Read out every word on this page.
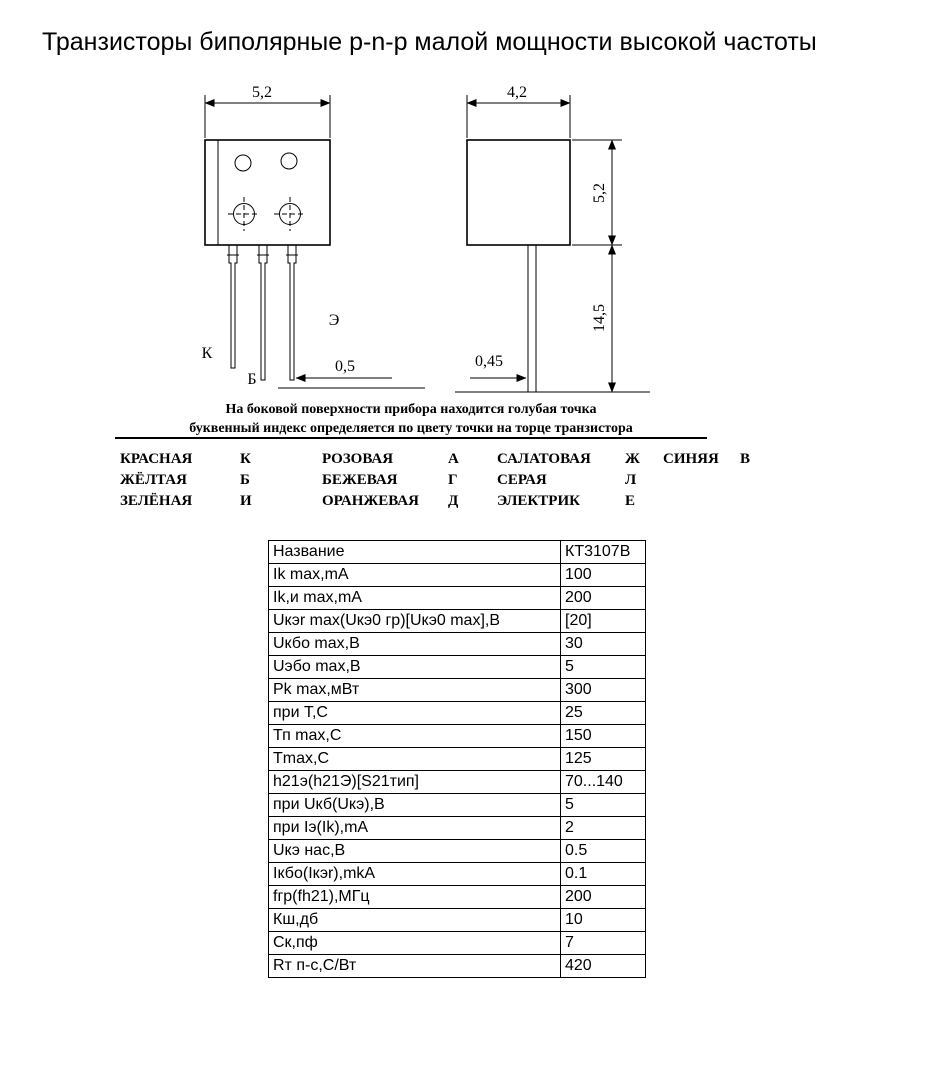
Транзисторы биполярные p-n-p малой мощности высокой частоты
5,2
0,5
К
Б
Э
4,2
5,2
14,5
0,45
На боковой поверхности прибора находится голубая точка
буквенный индекс определяется по цвету точки на торце транзистора
КРАСНАЯ	К	РОЗОВАЯ	А	САЛАТОВАЯ	Ж	СИНЯЯ	В
ЖЁЛТАЯ	Б	БЕЖЕВАЯ	Г	СЕРАЯ	Л
ЗЕЛЁНАЯ	И	ОРАНЖЕВАЯ	Д	ЭЛЕКТРИК	Е
Название	КТ3107В
Ik max,mA	100
Ik,и max,mA	200
Uкэr max(Uкэ0 гр)[Uкэ0 max],В	[20]
Uкбо max,В	30
Uэбо max,В	5
Pk max,мВт	300
при Т,С	25
Тп max,С	150
Tmax,С	125
h21э(h21Э)[S21тип]	70...140
при Uкб(Uкэ),В	5
при Iэ(Ik),mA	2
Uкэ нас,В	0.5
Iкбо(Iкэr),mkA	0.1
fгр(fh21),МГц	200
Кш,дб	10
Ск,пф	7
Rт п-с,С/Вт	420
